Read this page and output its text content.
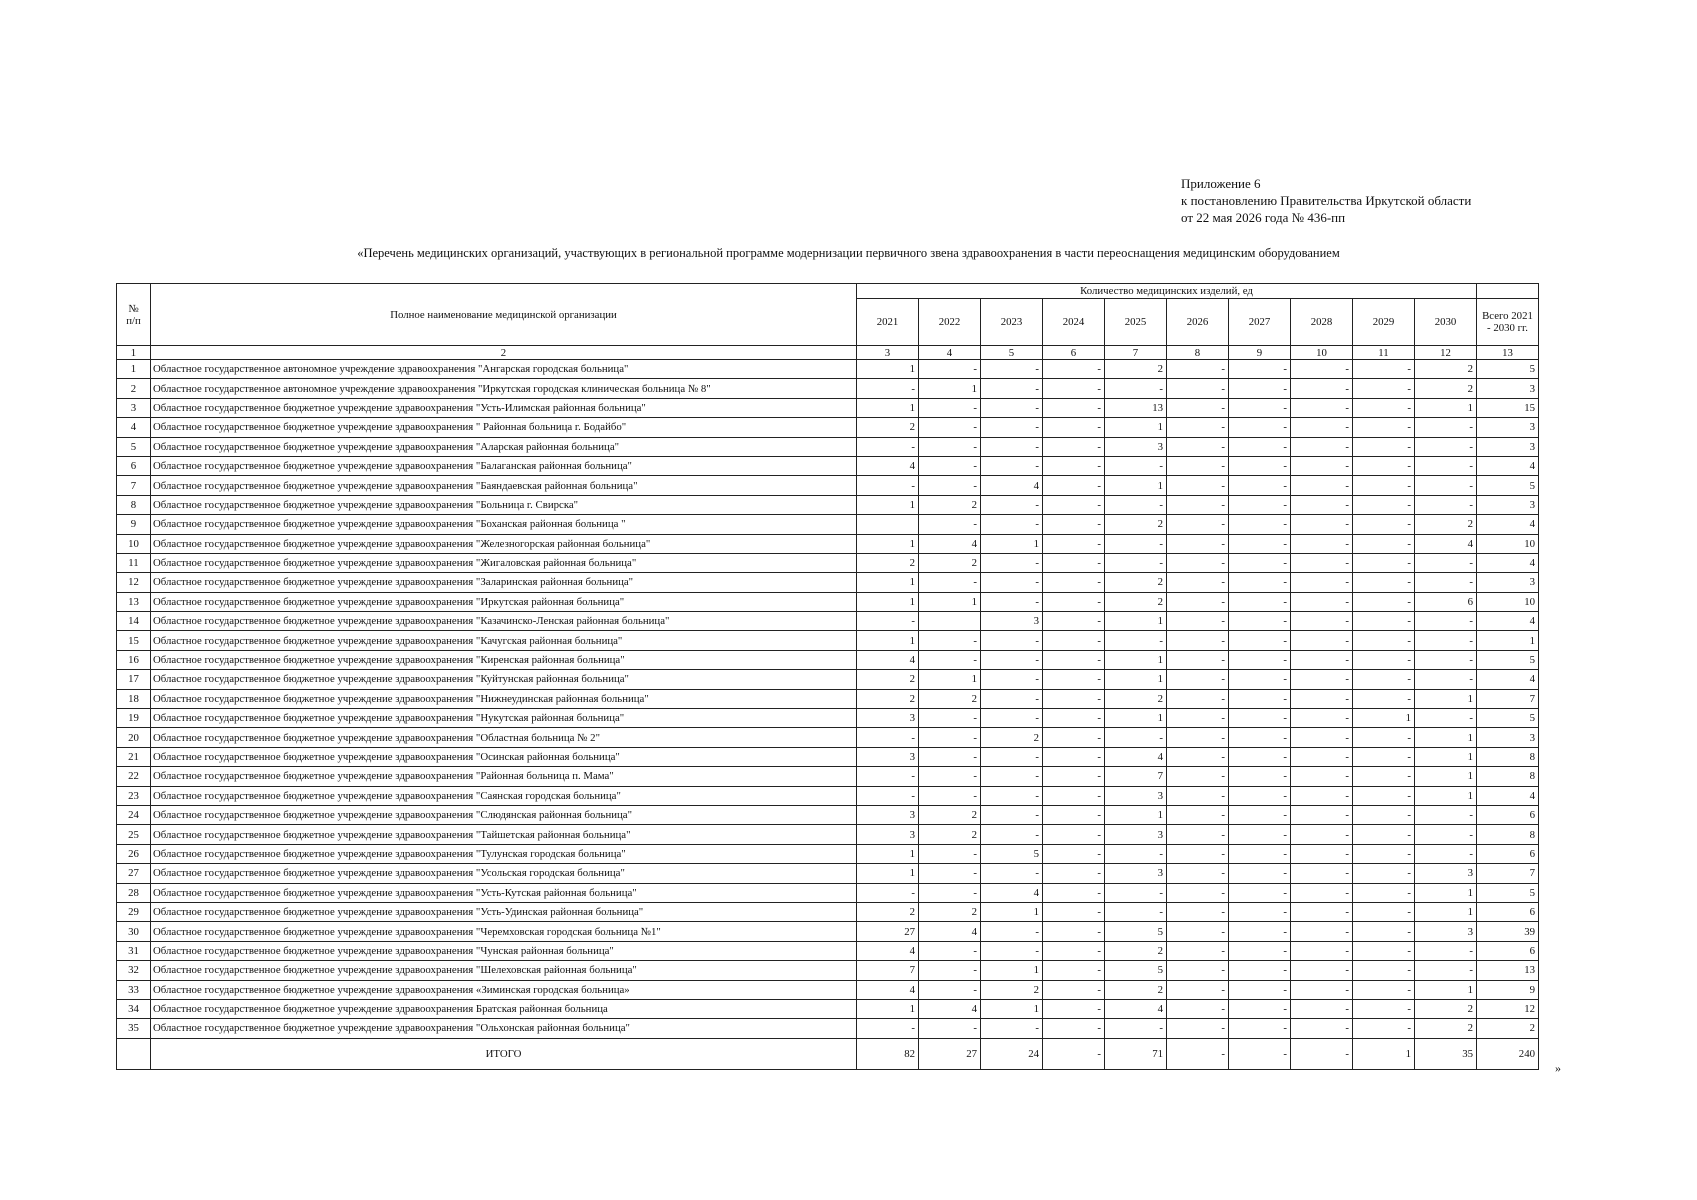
Приложение 6
к постановлению Правительства Иркутской области
от 22 мая 2026 года № 436-пп
«Перечень медицинских организаций, участвующих в региональной программе модернизации первичного звена здравоохранения в части переоснащения медицинским оборудованием
№
п/п	Полное наименование медицинской организации	Количество медицинских изделий, ед										
		2021	2022	2023	2024	2025	2026	2027	2028	2029	2030	Всего 2021
- 2030 гг.
1	2	3	4	5	6	7	8	9	10	11	12	13
1	Областное государственное автономное учреждение здравоохранения "Ангарская городская больница"	1	-	-	-	2	-	-	-	-	2	5
2	Областное государственное автономное учреждение здравоохранения "Иркутская городская клиническая больница № 8"	-	1	-	-	-	-	-	-	-	2	3
3	Областное государственное бюджетное учреждение здравоохранения "Усть-Илимская районная больница"	1	-	-	-	13	-	-	-	-	1	15
4	Областное государственное бюджетное учреждение здравоохранения " Районная больница г. Бодайбо"	2	-	-	-	1	-	-	-	-	-	3
5	Областное государственное бюджетное учреждение здравоохранения "Аларская районная больница"	-	-	-	-	3	-	-	-	-	-	3
6	Областное государственное бюджетное учреждение здравоохранения "Балаганская районная больница"	4	-	-	-	-	-	-	-	-	-	4
7	Областное государственное бюджетное учреждение здравоохранения "Баяндаевская районная больница"	-	-	4	-	1	-	-	-	-	-	5
8	Областное государственное бюджетное учреждение здравоохранения "Больница г. Свирска"	1	2	-	-	-	-	-	-	-	-	3
9	Областное государственное бюджетное учреждение здравоохранения "Боханская районная больница "		-	-	-	2	-	-	-	-	2	4
10	Областное государственное бюджетное учреждение здравоохранения "Железногорская районная больница"	1	4	1	-	-	-	-	-	-	4	10
11	Областное государственное бюджетное учреждение здравоохранения "Жигаловская районная больница"	2	2	-	-	-	-	-	-	-	-	4
12	Областное государственное бюджетное учреждение здравоохранения "Заларинская районная больница"	1	-	-	-	2	-	-	-	-	-	3
13	Областное государственное бюджетное учреждение здравоохранения "Иркутская районная больница"	1	1	-	-	2	-	-	-	-	6	10
14	Областное государственное бюджетное учреждение здравоохранения "Казачинско-Ленская районная больница"	-		3	-	1	-	-	-	-	-	4
15	Областное государственное бюджетное учреждение здравоохранения "Качугская районная больница"	1	-	-	-	-	-	-	-	-	-	1
16	Областное государственное бюджетное учреждение здравоохранения "Киренская районная больница"	4	-	-	-	1	-	-	-	-	-	5
17	Областное государственное бюджетное учреждение здравоохранения "Куйтунская районная больница"	2	1	-	-	1	-	-	-	-	-	4
18	Областное государственное бюджетное учреждение здравоохранения "Нижнеудинская районная больница"	2	2	-	-	2	-	-	-	-	1	7
19	Областное государственное бюджетное учреждение здравоохранения "Нукутская районная больница"	3	-	-	-	1	-	-	-	1	-	5
20	Областное государственное бюджетное учреждение здравоохранения "Областная больница № 2"	-	-	2	-	-	-	-	-	-	1	3
21	Областное государственное бюджетное учреждение здравоохранения "Осинская районная больница"	3	-	-	-	4	-	-	-	-	1	8
22	Областное государственное бюджетное учреждение здравоохранения "Районная больница п. Мама"	-	-	-	-	7	-	-	-	-	1	8
23	Областное государственное бюджетное учреждение здравоохранения "Саянская городская больница"	-	-	-	-	3	-	-	-	-	1	4
24	Областное государственное бюджетное учреждение здравоохранения "Слюдянская районная больница"	3	2	-	-	1	-	-	-	-	-	6
25	Областное государственное бюджетное учреждение здравоохранения "Тайшетская районная больница"	3	2	-	-	3	-	-	-	-	-	8
26	Областное государственное бюджетное учреждение здравоохранения "Тулунская городская больница"	1	-	5	-	-	-	-	-	-	-	6
27	Областное государственное бюджетное учреждение здравоохранения "Усольская городская больница"	1	-	-	-	3	-	-	-	-	3	7
28	Областное государственное бюджетное учреждение здравоохранения "Усть-Кутская районная больница"	-	-	4	-	-	-	-	-	-	1	5
29	Областное государственное бюджетное учреждение здравоохранения "Усть-Удинская районная больница"	2	2	1	-	-	-	-	-	-	1	6
30	Областное государственное бюджетное учреждение здравоохранения "Черемховская городская больница №1"	27	4	-	-	5	-	-	-	-	3	39
31	Областное государственное бюджетное учреждение здравоохранения "Чунская районная больница"	4	-	-	-	2	-	-	-	-	-	6
32	Областное государственное бюджетное учреждение здравоохранения "Шелеховская районная больница"	7	-	1	-	5	-	-	-	-	-	13
33	Областное государственное бюджетное учреждение здравоохранения «Зиминская городская больница»	4	-	2	-	2	-	-	-	-	1	9
34	Областное государственное бюджетное учреждение здравоохранения Братская районная больница	1	4	1	-	4	-	-	-	-	2	12
35	Областное государственное бюджетное учреждение здравоохранения "Ольхонская районная больница"	-	-	-	-	-	-	-	-	-	2	2
	ИТОГО	82	27	24	-	71	-	-	-	1	35	240
»
